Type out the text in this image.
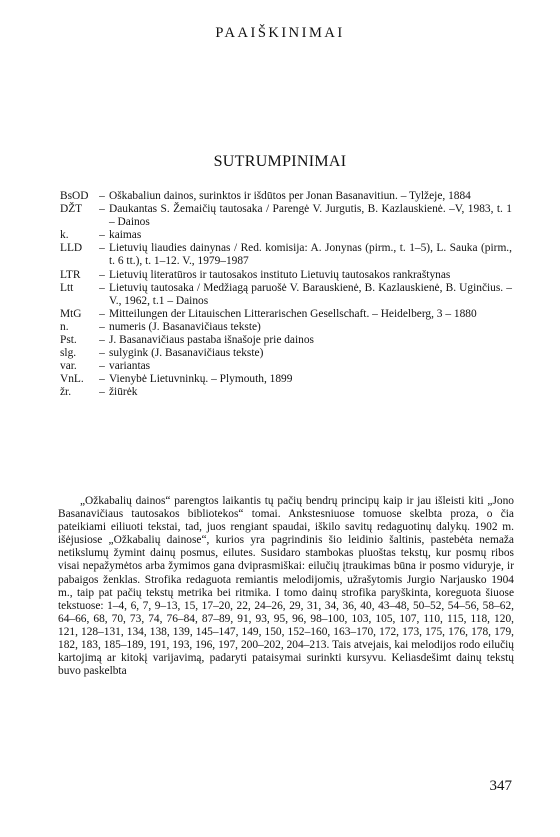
PAAIŠKINIMAI
SUTRUMPINIMAI
BsOD – Oškabaliun dainos, surinktos ir išdūtos per Jonan Basanavitiun. – Tylžeje, 1884
DŽT	– Daukantas S. Žemaičių tautosaka / Parengė V. Jurgutis, B. Kazlauskienė. –V, 1983, t. 1 – Dainos
k.	– kaimas
LLD	– Lietuvių liaudies dainynas / Red. komisija: A. Jonynas (pirm., t. 1–5), L. Sauka (pirm., t. 6 tt.), t. 1–12. V., 1979–1987
LTR	– Lietuvių literatūros ir tautosakos instituto Lietuvių tautosakos rankraštynas
Ltt	– Lietuvių tautosaka / Medžiagą paruošė V. Barauskienė, B. Kazlauskienė, B. Uginčius. –V., 1962, t.1 – Dainos
MtG	– Mitteilungen der Litauischen Litterarischen Gesellschaft. – Heidelberg, 3 – 1880
n.	– numeris (J. Basanavičiaus tekste)
Pst.	– J. Basanavičiaus pastaba išnašoje prie dainos
slg.	– sulygink (J. Basanavičiaus tekste)
var.	– variantas
VnL.	– Vienybė Lietuvninkų. – Plymouth, 1899
žr.	– žiūrėk

„Ožkabalių dainos“ parengtos laikantis tų pačių bendrų principų kaip ir jau išleisti kiti „Jono Basanavičiaus tautosakos bibliotekos“ tomai. Ankstesniuose tomuose skelbta proza, o čia pateikiami eiliuoti tekstai, tad, juos rengiant spaudai, iškilo savitų redaguotinų dalykų. 1902 m. išėjusiose „Ožkabalių dainose“, kurios yra pagrindinis šio leidinio šaltinis, pastebėta nemaža netikslumų žymint dainų posmus, eilutes. Susidaro stambokas pluoštas tekstų, kur posmų ribos visai nepažymėtos arba žymimos gana dviprasmiškai: eilučių įtraukimas būna ir posmo viduryje, ir pabaigos ženklas. Strofika redaguota remiantis melodijomis, užrašytomis Jurgio Narjausko 1904 m., taip pat pačių tekstų metrika bei ritmika. I tomo dainų strofika paryškinta, koreguota šiuose tekstuose: 1–4, 6, 7, 9–13, 15, 17–20, 22, 24–26, 29, 31, 34, 36, 40, 43–48, 50–52, 54–56, 58–62, 64–66, 68, 70, 73, 74, 76–84, 87–89, 91, 93, 95, 96, 98–100, 103, 105, 107, 110, 115, 118, 120, 121, 128–131, 134, 138, 139, 145–147, 149, 150, 152–160, 163–170, 172, 173, 175, 176, 178, 179, 182, 183, 185–189, 191, 193, 196, 197, 200–202, 204–213. Tais atvejais, kai melodijos rodo eilučių kartojimą ar kitokį varijavimą, padaryti pataisymai surinkti kursyvu. Keliasdešimt dainų tekstų buvo paskelbta

347
